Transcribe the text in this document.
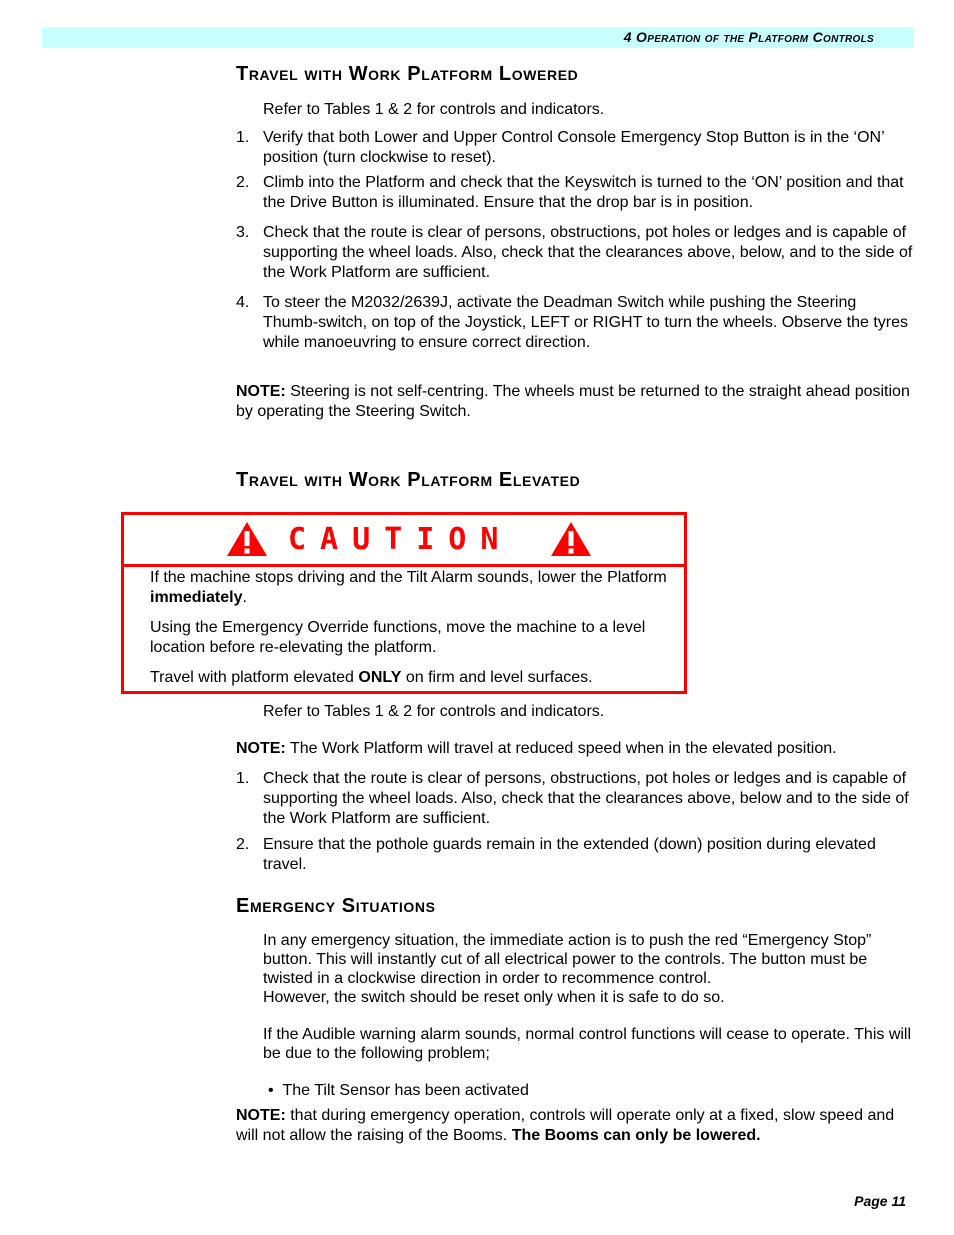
4 Operation of the Platform Controls
Travel with Work Platform Lowered
Refer to Tables 1 & 2 for controls and indicators.
1. Verify that both Lower and Upper Control Console Emergency Stop Button is in the ‘ON’ position (turn clockwise to reset).
2. Climb into the Platform and check that the Keyswitch is turned to the ‘ON’ position and that the Drive Button is illuminated. Ensure that the drop bar is in position.
3. Check that the route is clear of persons, obstructions, pot holes or ledges and is capable of supporting the wheel loads. Also, check that the clearances above, below, and to the side of the Work Platform are sufficient.
4. To steer the M2032/2639J, activate the Deadman Switch while pushing the Steering Thumb-switch, on top of the Joystick, LEFT or RIGHT to turn the wheels. Observe the tyres while manoeuvring to ensure correct direction.
NOTE: Steering is not self-centring. The wheels must be returned to the straight ahead position by operating the Steering Switch.
Travel with Work Platform Elevated
CAUTION
If the machine stops driving and the Tilt Alarm sounds, lower the Platform immediately.
Using the Emergency Override functions, move the machine to a level location before re-elevating the platform.
Travel with platform elevated ONLY on firm and level surfaces.
Refer to Tables 1 & 2 for controls and indicators.
NOTE: The Work Platform will travel at reduced speed when in the elevated position.
1. Check that the route is clear of persons, obstructions, pot holes or ledges and is capable of supporting the wheel loads. Also, check that the clearances above, below and to the side of the Work Platform are sufficient.
2. Ensure that the pothole guards remain in the extended (down) position during elevated travel.
Emergency Situations
In any emergency situation, the immediate action is to push the red “Emergency Stop” button. This will instantly cut of all electrical power to the controls. The button must be twisted in a clockwise direction in order to recommence control.
However, the switch should be reset only when it is safe to do so.
If the Audible warning alarm sounds, normal control functions will cease to operate. This will be due to the following problem;
• The Tilt Sensor has been activated
NOTE: that during emergency operation, controls will operate only at a fixed, slow speed and will not allow the raising of the Booms. The Booms can only be lowered.
Page 11
